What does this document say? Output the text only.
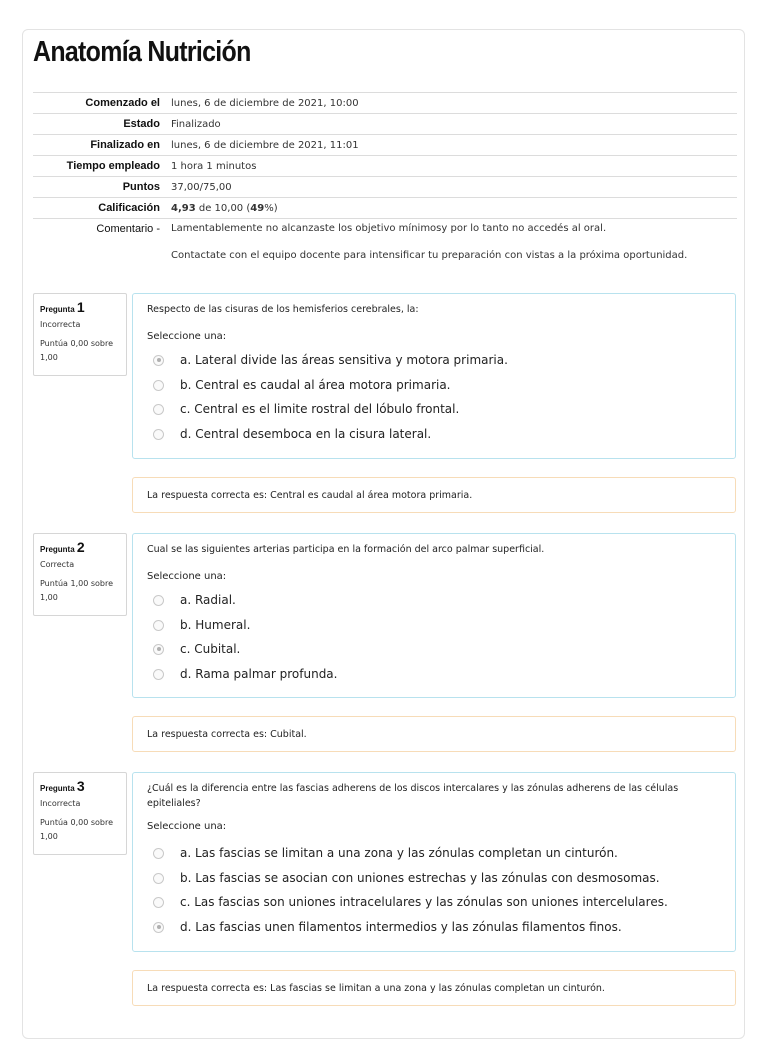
Anatomía Nutrición
Comenzado el	lunes, 6 de diciembre de 2021, 10:00
Estado	Finalizado
Finalizado en	lunes, 6 de diciembre de 2021, 11:01
Tiempo empleado	1 hora 1 minutos
Puntos	37,00/75,00
Calificación	4,93 de 10,00 (49%)
Comentario -	Lamentablemente no alcanzaste los objetivo mínimosy por lo tanto no accedés al oral.

Contactate con el equipo docente para intensificar tu preparación con vistas a la próxima oportunidad.

Pregunta 1
Incorrecta
Puntúa 0,00 sobre 1,00
Respecto de las cisuras de los hemisferios cerebrales, la:
Seleccione una:
a. Lateral divide las áreas sensitiva y motora primaria.
b. Central es caudal al área motora primaria.
c. Central es el limite rostral del lóbulo frontal.
d. Central desemboca en la cisura lateral.
La respuesta correcta es: Central es caudal al área motora primaria.
Pregunta 2
Correcta
Puntúa 1,00 sobre 1,00
Cual se las siguientes arterias participa en la formación del arco palmar superficial.
Seleccione una:
a. Radial.
b. Humeral.
c. Cubital.
d. Rama palmar profunda.
La respuesta correcta es: Cubital.
Pregunta 3
Incorrecta
Puntúa 0,00 sobre 1,00
¿Cuál es la diferencia entre las fascias adherens de los discos intercalares y las zónulas adherens de las células epiteliales?
Seleccione una:
a. Las fascias se limitan a una zona y las zónulas completan un cinturón.
b. Las fascias se asocian con uniones estrechas y las zónulas con desmosomas.
c. Las fascias son uniones intracelulares y las zónulas son uniones intercelulares.
d. Las fascias unen filamentos intermedios y las zónulas filamentos finos.
La respuesta correcta es: Las fascias se limitan a una zona y las zónulas completan un cinturón.
